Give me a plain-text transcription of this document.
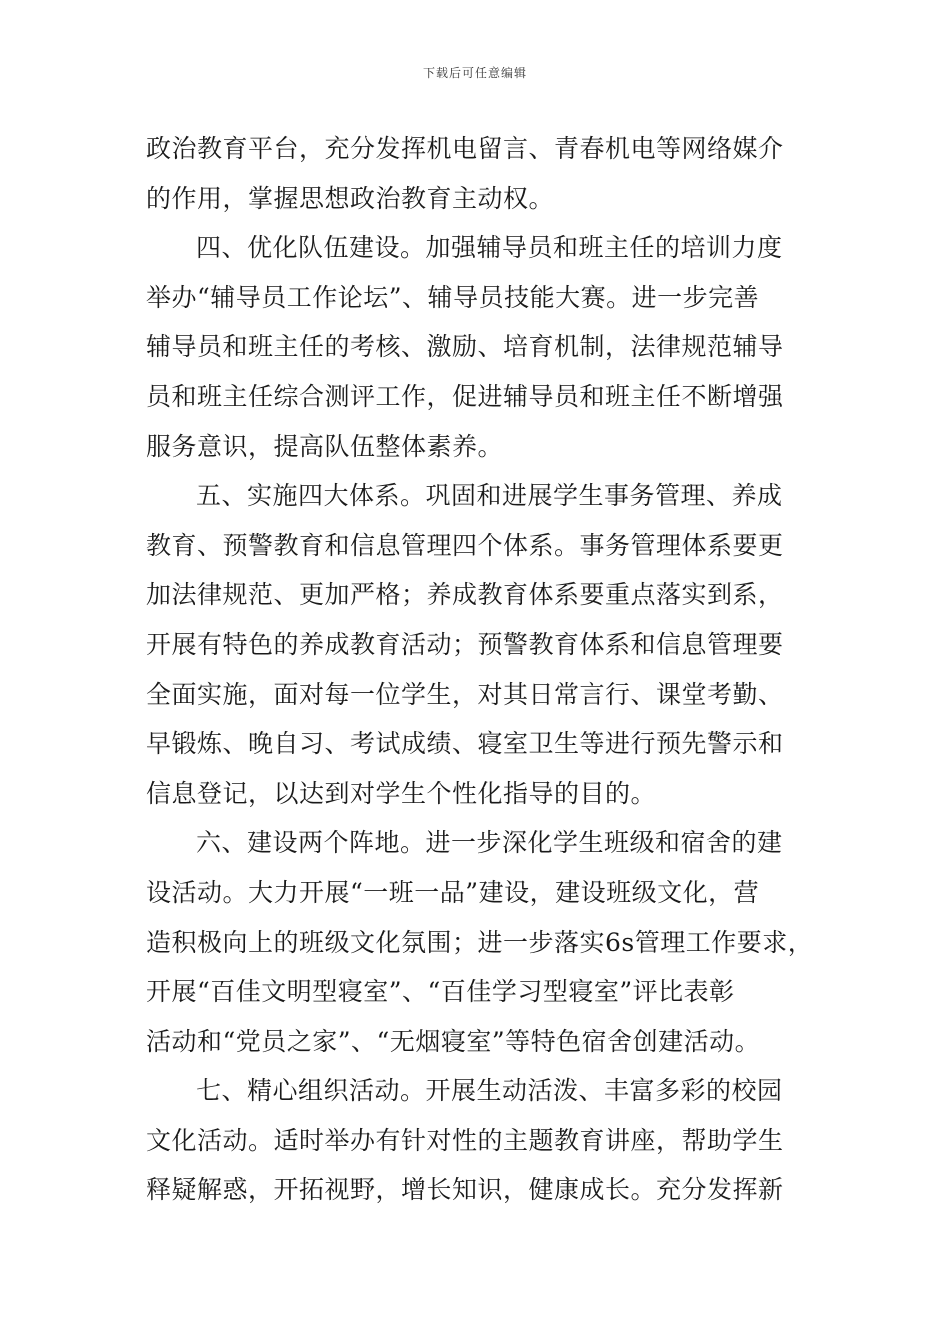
下载后可任意编辑
政治教育平台，充分发挥机电留言、青春机电等网络媒介
的作用，掌握思想政治教育主动权。
四、优化队伍建设。加强辅导员和班主任的培训力度
举办“辅导员工作论坛”、辅导员技能大赛。进一步完善
辅导员和班主任的考核、激励、培育机制，法律规范辅导
员和班主任综合测评工作，促进辅导员和班主任不断增强
服务意识，提高队伍整体素养。
五、实施四大体系。巩固和进展学生事务管理、养成
教育、预警教育和信息管理四个体系。事务管理体系要更
加法律规范、更加严格；养成教育体系要重点落实到系，
开展有特色的养成教育活动；预警教育体系和信息管理要
全面实施，面对每一位学生，对其日常言行、课堂考勤、
早锻炼、晚自习、考试成绩、寝室卫生等进行预先警示和
信息登记，以达到对学生个性化指导的目的。
六、建设两个阵地。进一步深化学生班级和宿舍的建
设活动。大力开展“一班一品”建设，建设班级文化，营
造积极向上的班级文化氛围；进一步落实6s管理工作要求，
开展“百佳文明型寝室”、“百佳学习型寝室”评比表彰
活动和“党员之家”、“无烟寝室”等特色宿舍创建活动。
七、精心组织活动。开展生动活泼、丰富多彩的校园
文化活动。适时举办有针对性的主题教育讲座，帮助学生
释疑解惑，开拓视野，增长知识，健康成长。充分发挥新
